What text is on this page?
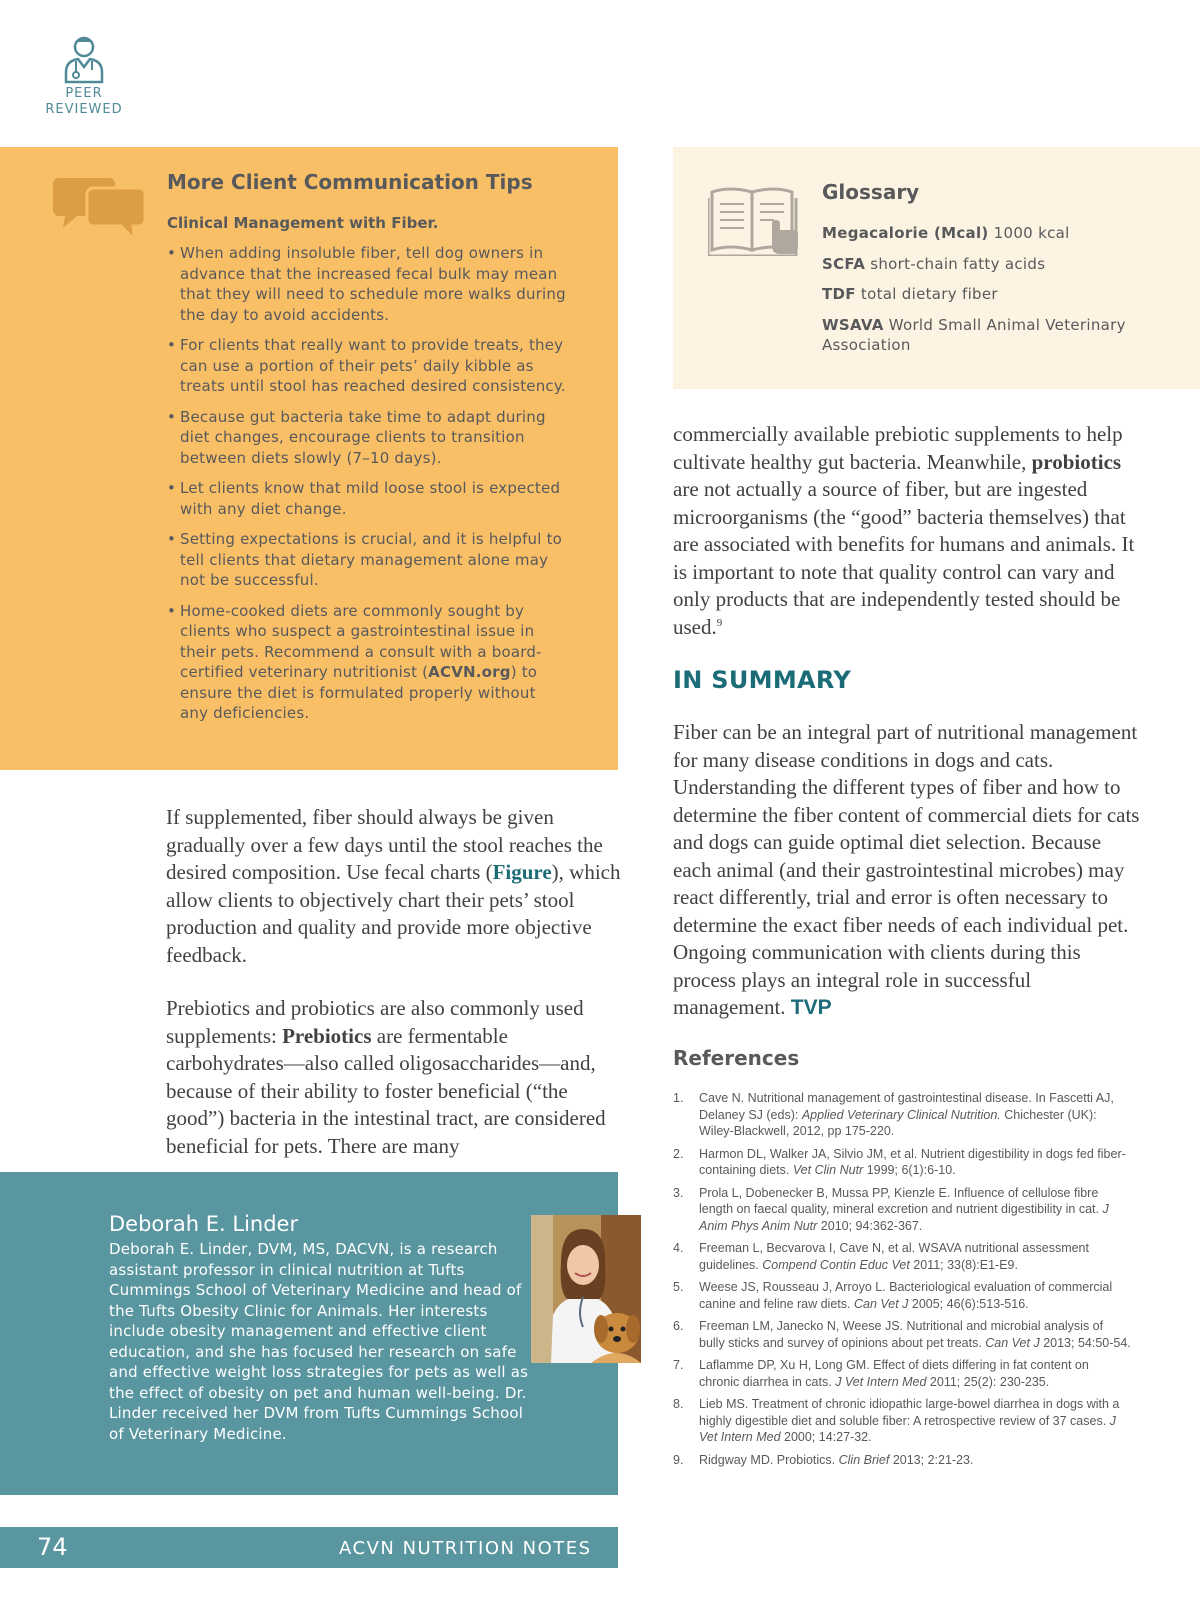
PEER
REVIEWED
More Client Communication Tips
Clinical Management with Fiber.
• When adding insoluble fiber, tell dog owners in advance that the increased fecal bulk may mean that they will need to schedule more walks during the day to avoid accidents.
• For clients that really want to provide treats, they can use a portion of their pets’ daily kibble as treats until stool has reached desired consistency.
• Because gut bacteria take time to adapt during diet changes, encourage clients to transition between diets slowly (7–10 days).
• Let clients know that mild loose stool is expected with any diet change.
• Setting expectations is crucial, and it is helpful to tell clients that dietary management alone may not be successful.
• Home-cooked diets are commonly sought by clients who suspect a gastrointestinal issue in their pets. Recommend a consult with a board-certified veterinary nutritionist (ACVN.org) to ensure the diet is formulated properly without any deficiencies.
Glossary
Megacalorie (Mcal) 1000 kcal
SCFA short-chain fatty acids
TDF total dietary fiber
WSAVA World Small Animal Veterinary Association

If supplemented, fiber should always be given gradually over a few days until the stool reaches the desired composition. Use fecal charts (Figure), which allow clients to objectively chart their pets’ stool production and quality and provide more objective feedback.

Prebiotics and probiotics are also commonly used supplements: Prebiotics are fermentable carbohydrates—also called oligosaccharides—and, because of their ability to foster beneficial (“the good”) bacteria in the intestinal tract, are considered beneficial for pets. There are many

commercially available prebiotic supplements to help cultivate healthy gut bacteria. Meanwhile, probiotics are not actually a source of fiber, but are ingested microorganisms (the “good” bacteria themselves) that are associated with benefits for humans and animals. It is important to note that quality control can vary and only products that are independently tested should be used.$^9$

IN SUMMARY

Fiber can be an integral part of nutritional management for many disease conditions in dogs and cats. Understanding the different types of fiber and how to determine the fiber content of commercial diets for cats and dogs can guide optimal diet selection. Because each animal (and their gastrointestinal microbes) may react differently, trial and error is often necessary to determine the exact fiber needs of each individual pet. Ongoing communication with clients during this process plays an integral role in successful management. TVP

References
1. Cave N. Nutritional management of gastrointestinal disease. In Fascetti AJ, Delaney SJ (eds): Applied Veterinary Clinical Nutrition. Chichester (UK): Wiley-Blackwell, 2012, pp 175-220.
2. Harmon DL, Walker JA, Silvio JM, et al. Nutrient digestibility in dogs fed fiber-containing diets. Vet Clin Nutr 1999; 6(1):6-10.
3. Prola L, Dobenecker B, Mussa PP, Kienzle E. Influence of cellulose fibre length on faecal quality, mineral excretion and nutrient digestibility in cat. J Anim Phys Anim Nutr 2010; 94:362-367.
4. Freeman L, Becvarova I, Cave N, et al. WSAVA nutritional assessment guidelines. Compend Contin Educ Vet 2011; 33(8):E1-E9.
5. Weese JS, Rousseau J, Arroyo L. Bacteriological evaluation of commercial canine and feline raw diets. Can Vet J 2005; 46(6):513-516.
6. Freeman LM, Janecko N, Weese JS. Nutritional and microbial analysis of bully sticks and survey of opinions about pet treats. Can Vet J 2013; 54:50-54.
7. Laflamme DP, Xu H, Long GM. Effect of diets differing in fat content on chronic diarrhea in cats. J Vet Intern Med 2011; 25(2): 230-235.
8. Lieb MS. Treatment of chronic idiopathic large-bowel diarrhea in dogs with a highly digestible diet and soluble fiber: A retrospective review of 37 cases. J Vet Intern Med 2000; 14:27-32.
9. Ridgway MD. Probiotics. Clin Brief 2013; 2:21-23.
Deborah E. Linder
Deborah E. Linder, DVM, MS, DACVN, is a research assistant professor in clinical nutrition at Tufts Cummings School of Veterinary Medicine and head of the Tufts Obesity Clinic for Animals. Her interests include obesity management and effective client education, and she has focused her research on safe and effective weight loss strategies for pets as well as the effect of obesity on pet and human well-being. Dr. Linder received her DVM from Tufts Cummings School of Veterinary Medicine.
74	ACVN NUTRITION NOTES
